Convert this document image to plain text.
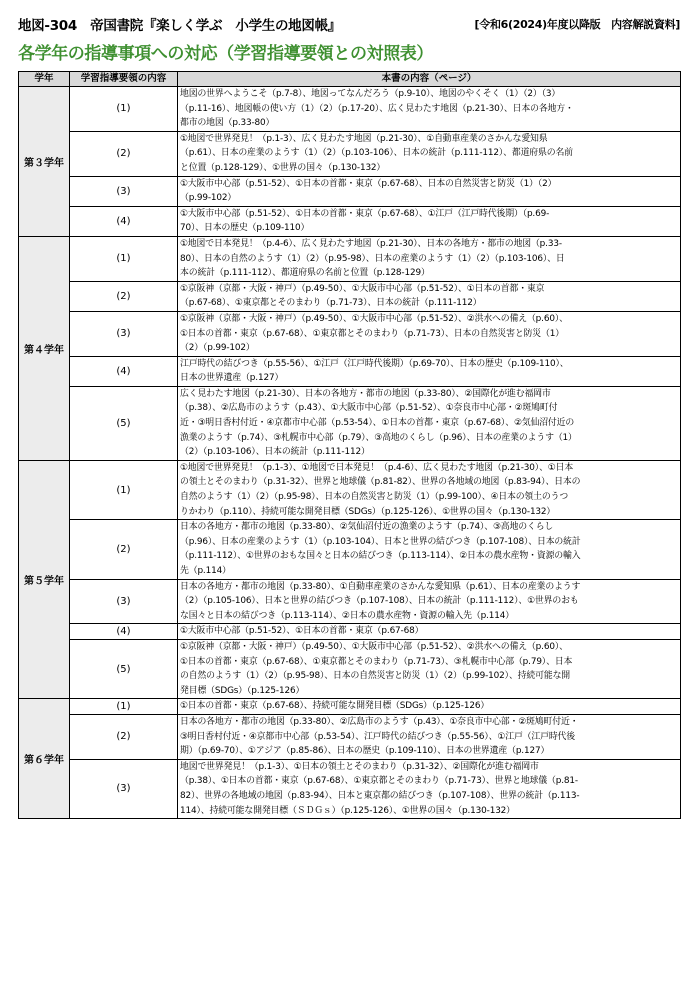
地図-304　帝国書院『楽しく学ぶ　小学生の地図帳』	[令和6(2024)年度以降版　内容解説資料]
各学年の指導事項への対応（学習指導要領との対照表）
学年	学習指導要領の内容	本書の内容（ページ）
第３学年	(1)	地図の世界へようこそ（p.7-8）、地図ってなんだろう（p.9-10）、地図のやくそく（1）（2）（3）
（p.11-16）、地図帳の使い方（1）（2）（p.17-20）、広く見わたす地図（p.21-30）、日本の各地方・
都市の地図（p.33-80）

	(2)	①地図で世界発見！（p.1-3）、広く見わたす地図（p.21-30）、①自動車産業のさかんな愛知県
（p.61）、日本の産業のようす（1）（2）（p.103-106）、日本の統計（p.111-112）、都道府県の名前
と位置（p.128-129）、①世界の国々（p.130-132）

	(3)	①大阪市中心部（p.51-52）、①日本の首都・東京（p.67-68）、日本の自然災害と防災（1）（2）
（p.99-102）

	(4)	①大阪市中心部（p.51-52）、①日本の首都・東京（p.67-68）、①江戸（江戸時代後期）（p.69-
70）、日本の歴史（p.109-110）

第４学年	(1)	①地図で日本発見！（p.4-6）、広く見わたす地図（p.21-30）、日本の各地方・都市の地図（p.33-
80）、日本の自然のようす（1）（2）（p.95-98）、日本の産業のようす（1）（2）（p.103-106）、日
本の統計（p.111-112）、都道府県の名前と位置（p.128-129）

	(2)	①京阪神（京都・大阪・神戸）（p.49-50）、①大阪市中心部（p.51-52）、①日本の首都・東京
（p.67-68）、①東京都とそのまわり（p.71-73）、日本の統計（p.111-112）

	(3)	①京阪神（京都・大阪・神戸）（p.49-50）、①大阪市中心部（p.51-52）、②洪水への備え（p.60）、
①日本の首都・東京（p.67-68）、①東京都とそのまわり（p.71-73）、日本の自然災害と防災（1）
（2）（p.99-102）

	(4)	江戸時代の結びつき（p.55-56）、①江戸（江戸時代後期）（p.69-70）、日本の歴史（p.109-110）、
日本の世界遺産（p.127）

	(5)	広く見わたす地図（p.21-30）、日本の各地方・都市の地図（p.33-80）、②国際化が進む福岡市
（p.38）、②広島市のようす（p.43）、①大阪市中心部（p.51-52）、①奈良市中心部・②斑鳩町付
近・③明日香村付近・④京都市中心部（p.53-54）、①日本の首都・東京（p.67-68）、②気仙沼付近の
漁業のようす（p.74）、③札幌市中心部（p.79）、③高地のくらし（p.96）、日本の産業のようす（1）
（2）（p.103-106）、日本の統計（p.111-112）

第５学年	(1)	①地図で世界発見！（p.1-3）、①地図で日本発見！（p.4-6）、広く見わたす地図（p.21-30）、①日本
の領土とそのまわり（p.31-32）、世界と地球儀（p.81-82）、世界の各地域の地図（p.83-94）、日本の
自然のようす（1）（2）（p.95-98）、日本の自然災害と防災（1）（p.99-100）、④日本の領土のうつ
りかわり（p.110）、持続可能な開発目標（SDGs）（p.125-126）、①世界の国々（p.130-132）

	(2)	日本の各地方・都市の地図（p.33-80）、②気仙沼付近の漁業のようす（p.74）、③高地のくらし
（p.96）、日本の産業のようす（1）（p.103-104）、日本と世界の結びつき（p.107-108）、日本の統計
（p.111-112）、①世界のおもな国々と日本の結びつき（p.113-114）、②日本の農水産物・資源の輸入
先（p.114）

	(3)	日本の各地方・都市の地図（p.33-80）、①自動車産業のさかんな愛知県（p.61）、日本の産業のようす
（2）（p.105-106）、日本と世界の結びつき（p.107-108）、日本の統計（p.111-112）、①世界のおも
な国々と日本の結びつき（p.113-114）、②日本の農水産物・資源の輸入先（p.114）

	(4)	①大阪市中心部（p.51-52）、①日本の首都・東京（p.67-68）

	(5)	①京阪神（京都・大阪・神戸）（p.49-50）、①大阪市中心部（p.51-52）、②洪水への備え（p.60）、
①日本の首都・東京（p.67-68）、①東京都とそのまわり（p.71-73）、③札幌市中心部（p.79）、日本
の自然のようす（1）（2）（p.95-98）、日本の自然災害と防災（1）（2）（p.99-102）、持続可能な開
発目標（SDGs）（p.125-126）

第６学年	(1)	①日本の首都・東京（p.67-68）、持続可能な開発目標（SDGs）（p.125-126）

	(2)	日本の各地方・都市の地図（p.33-80）、②広島市のようす（p.43）、①奈良市中心部・②斑鳩町付近・
③明日香村付近・④京都市中心部（p.53-54）、江戸時代の結びつき（p.55-56）、①江戸（江戸時代後
期）（p.69-70）、①アジア（p.85-86）、日本の歴史（p.109-110）、日本の世界遺産（p.127）

	(3)	地図で世界発見！（p.1-3）、①日本の領土とそのまわり（p.31-32）、②国際化が進む福岡市
（p.38）、①日本の首都・東京（p.67-68）、①東京都とそのまわり（p.71-73）、世界と地球儀（p.81-
82）、世界の各地域の地図（p.83-94）、日本と東京都の結びつき（p.107-108）、世界の統計（p.113-
114）、持続可能な開発目標（ＳＤＧｓ）（p.125-126）、①世界の国々（p.130-132）
